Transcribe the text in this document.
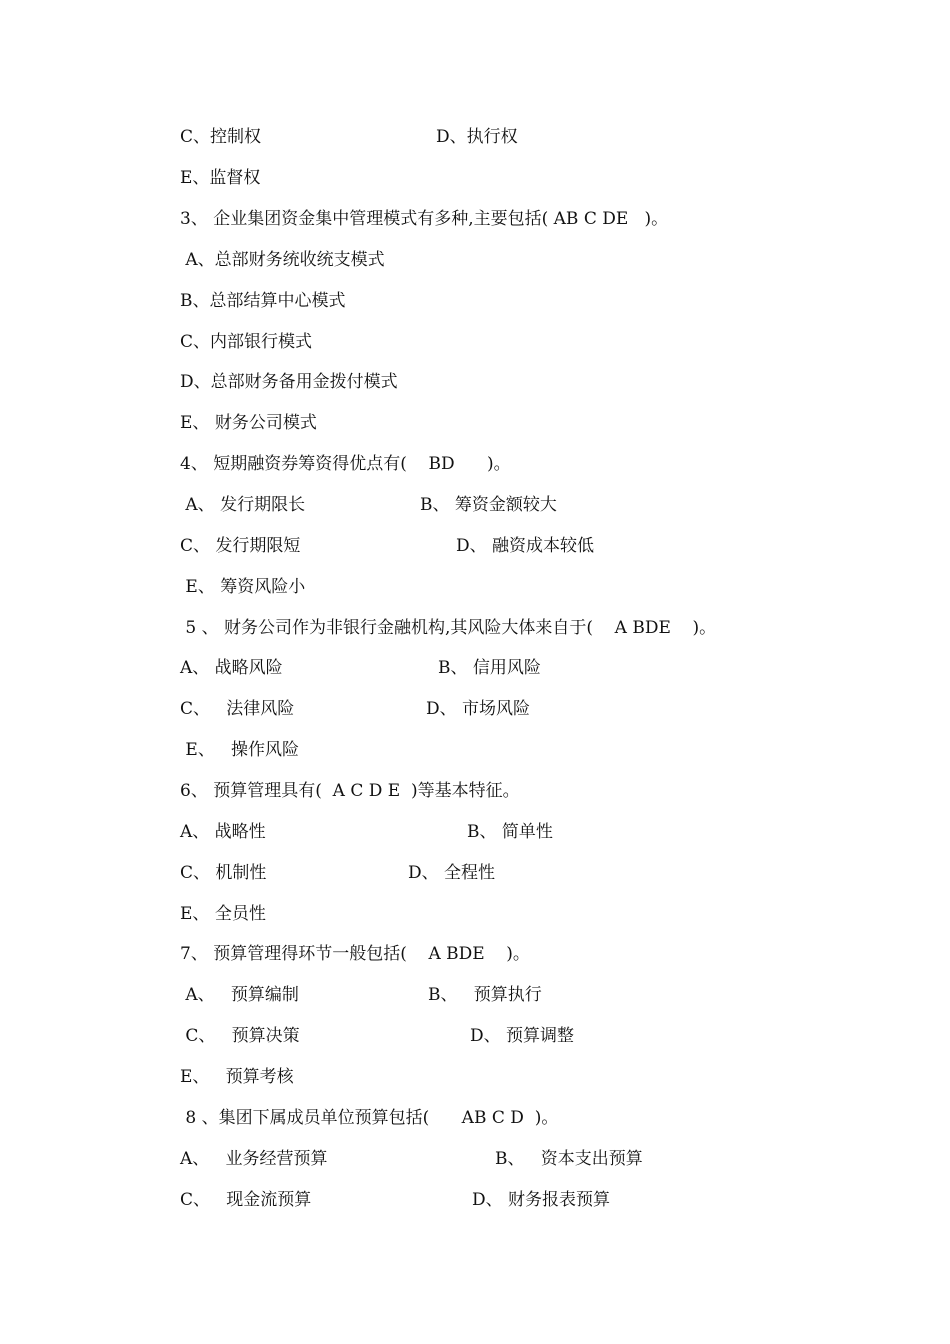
C、控制权

	D、执行权

E、监督权

3、 企业集团资金集中管理模式有多种,主要包括( AB C DE   )。

A、总部财务统收统支模式

B、总部结算中心模式

C、内部银行模式

D、总部财务备用金拨付模式

E、 财务公司模式

4、 短期融资券筹资得优点有(    BD      )。

A、 发行期限长

	B、 筹资金额较大

C、 发行期限短

	D、 融资成本较低

E、 筹资风险小

5 、 财务公司作为非银行金融机构,其风险大体来自于(    A BDE    )。

A、 战略风险

	B、 信用风险

C、   法律风险

	D、 市场风险

E、   操作风险

6、 预算管理具有(  A C D E  )等基本特征。

A、 战略性

	B、 简单性

C、 机制性

	D、 全程性

E、 全员性

7、 预算管理得环节一般包括(    A BDE    )。

A、   预算编制

	B、   预算执行

C、   预算决策

	D、 预算调整

E、   预算考核

8 、集团下属成员单位预算包括(      AB C D  )。

A、   业务经营预算

	B、   资本支出预算

C、   现金流预算

	D、 财务报表预算
